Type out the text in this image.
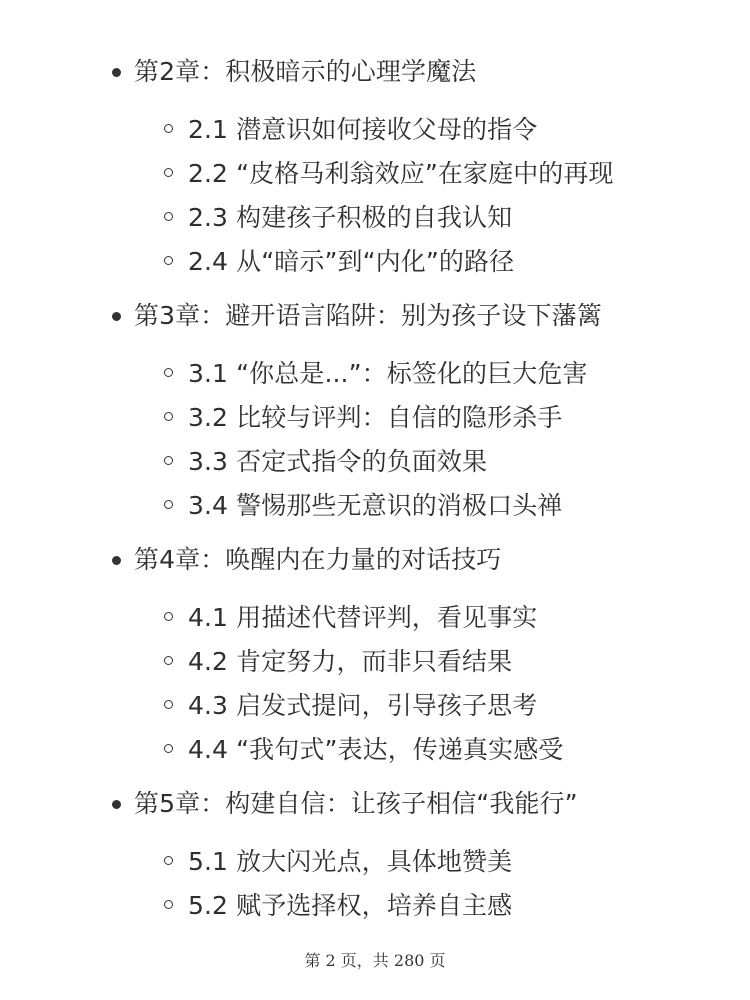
第2章：积极暗示的心理学魔法
2.1 潜意识如何接收父母的指令
2.2 “皮格马利翁效应”在家庭中的再现
2.3 构建孩子积极的自我认知
2.4 从“暗示”到“内化”的路径
第3章：避开语言陷阱：别为孩子设下藩篱
3.1 “你总是...”：标签化的巨大危害
3.2 比较与评判：自信的隐形杀手
3.3 否定式指令的负面效果
3.4 警惕那些无意识的消极口头禅
第4章：唤醒内在力量的对话技巧
4.1 用描述代替评判，看见事实
4.2 肯定努力，而非只看结果
4.3 启发式提问，引导孩子思考
4.4 “我句式”表达，传递真实感受
第5章：构建自信：让孩子相信“我能行”
5.1 放大闪光点，具体地赞美
5.2 赋予选择权，培养自主感
第 2 页，共 280 页
